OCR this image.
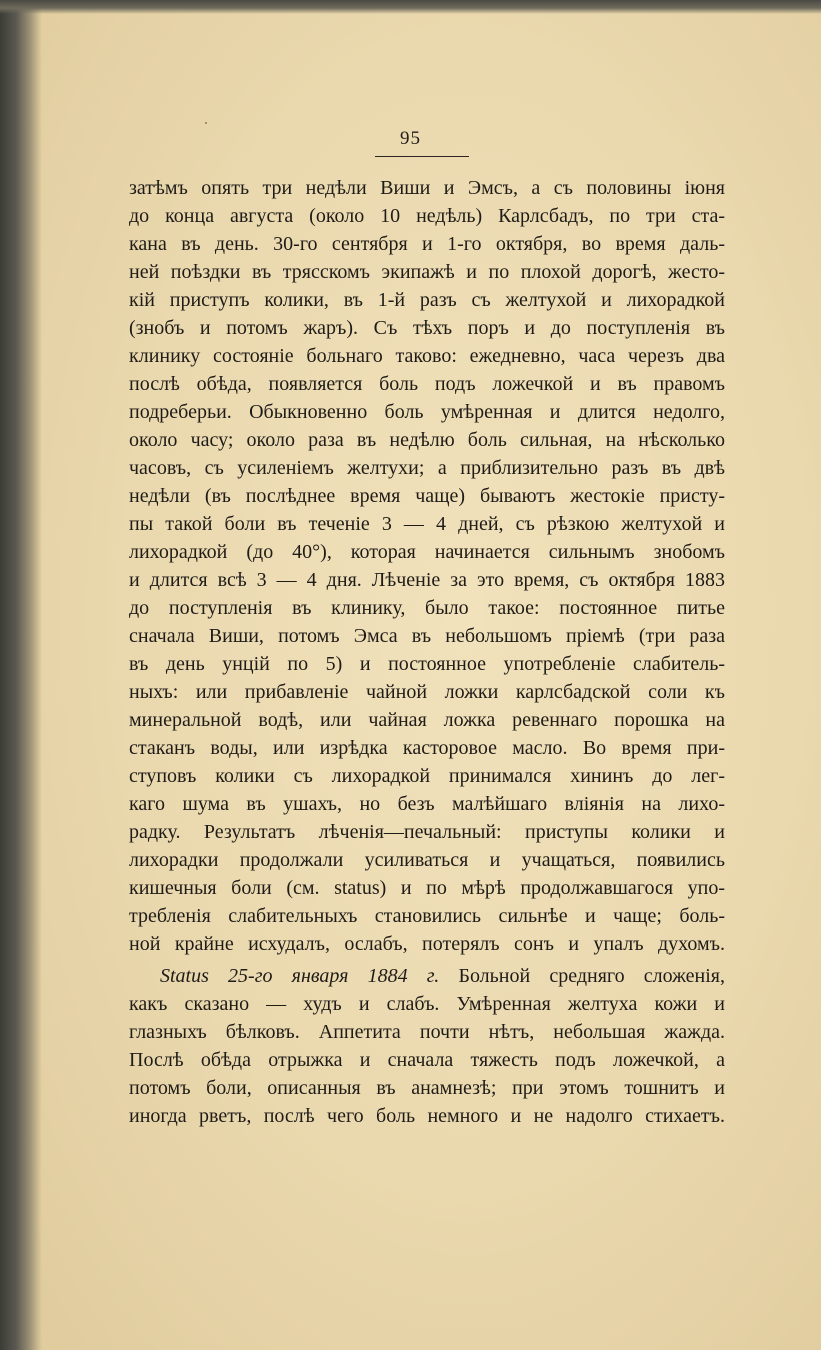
95
затѣмъ опять три недѣли Виши и Эмсъ, а съ половины іюня
до конца августа (около 10 недѣль) Карлсбадъ, по три ста-
кана въ день. 30-го сентября и 1-го октября, во время даль-
ней поѣздки въ трясскомъ экипажѣ и по плохой дорогѣ, жесто-
кій приступъ колики, въ 1-й разъ съ желтухой и лихорадкой
(знобъ и потомъ жаръ). Съ тѣхъ поръ и до поступленія въ
клинику состояніе больнаго таково: ежедневно, часа черезъ два
послѣ обѣда, появляется боль подъ ложечкой и въ правомъ
подреберьи. Обыкновенно боль умѣренная и длится недолго,
около часу; около раза въ недѣлю боль сильная, на нѣсколько
часовъ, съ усиленіемъ желтухи; а приблизительно разъ въ двѣ
недѣли (въ послѣднее время чаще) бываютъ жестокіе присту-
пы такой боли въ теченіе 3 — 4 дней, съ рѣзкою желтухой и
лихорадкой (до 40°), которая начинается сильнымъ знобомъ
и длится всѣ 3 — 4 дня. Лѣченіе за это время, съ октября 1883
до поступленія въ клинику, было такое: постоянное питье
сначала Виши, потомъ Эмса въ небольшомъ пріемѣ (три раза
въ день унцій по 5) и постоянное употребленіе слабитель-
ныхъ: или прибавленіе чайной ложки карлсбадской соли къ
минеральной водѣ, или чайная ложка ревеннаго порошка на
стаканъ воды, или изрѣдка касторовое масло. Во время при-
ступовъ колики съ лихорадкой принимался хининъ до лег-
каго шума въ ушахъ, но безъ малѣйшаго вліянія на лихо-
радку. Результатъ лѣченія—печальный: приступы колики и
лихорадки продолжали усиливаться и учащаться, появились
кишечныя боли (см. status) и по мѣрѣ продолжавшагося упо-
требленія слабительныхъ становились сильнѣе и чаще; боль-
ной крайне исхудалъ, ослабъ, потерялъ сонъ и упалъ духомъ.
Status 25-го января 1884 г. Больной средняго сложенія,
какъ сказано — худъ и слабъ. Умѣренная желтуха кожи и
глазныхъ бѣлковъ. Аппетита почти нѣтъ, небольшая жажда.
Послѣ обѣда отрыжка и сначала тяжесть подъ ложечкой, а
потомъ боли, описанныя въ анамнезѣ; при этомъ тошнитъ и
иногда рветъ, послѣ чего боль немного и не надолго стихаетъ.
